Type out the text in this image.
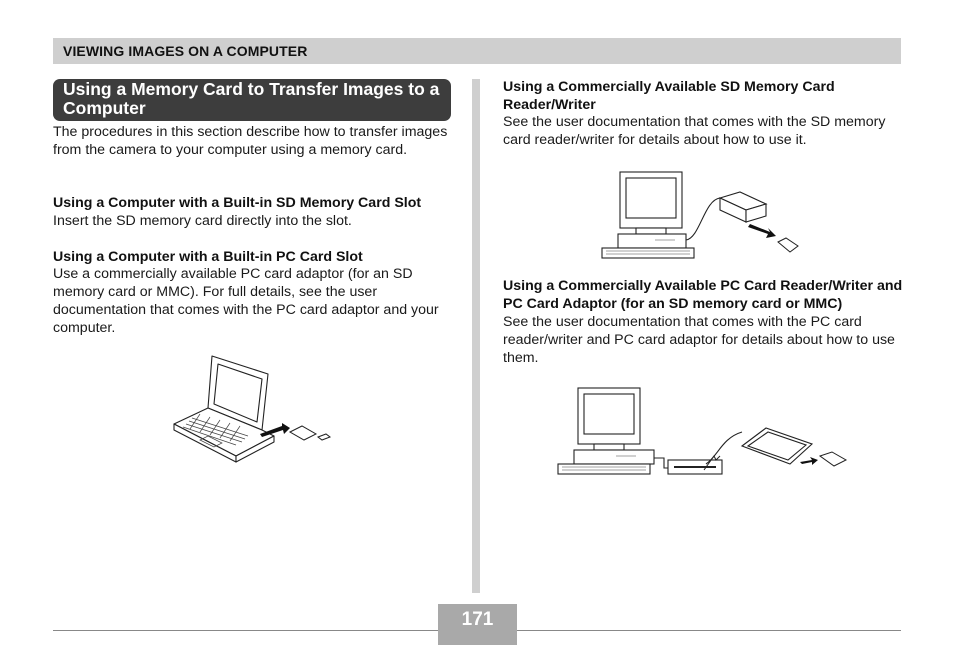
VIEWING IMAGES ON A COMPUTER
Using a Memory Card to Transfer Images to a Computer

The procedures in this section describe how to transfer images from the camera to your computer using a memory card.

Using a Computer with a Built-in SD Memory Card Slot

Insert the SD memory card directly into the slot.

Using a Computer with a Built-in PC Card Slot

Use a commercially available PC card adaptor (for an SD memory card or MMC). For full details, see the user documentation that comes with the PC card adaptor and your computer.

Using a Commercially Available SD Memory Card Reader/Writer

See the user documentation that comes with the SD memory card reader/writer for details about how to use it.

Using a Commercially Available PC Card Reader/Writer and PC Card Adaptor (for an SD memory card or MMC)

See the user documentation that comes with the PC card reader/writer and PC card adaptor for details about how to use them.

171
